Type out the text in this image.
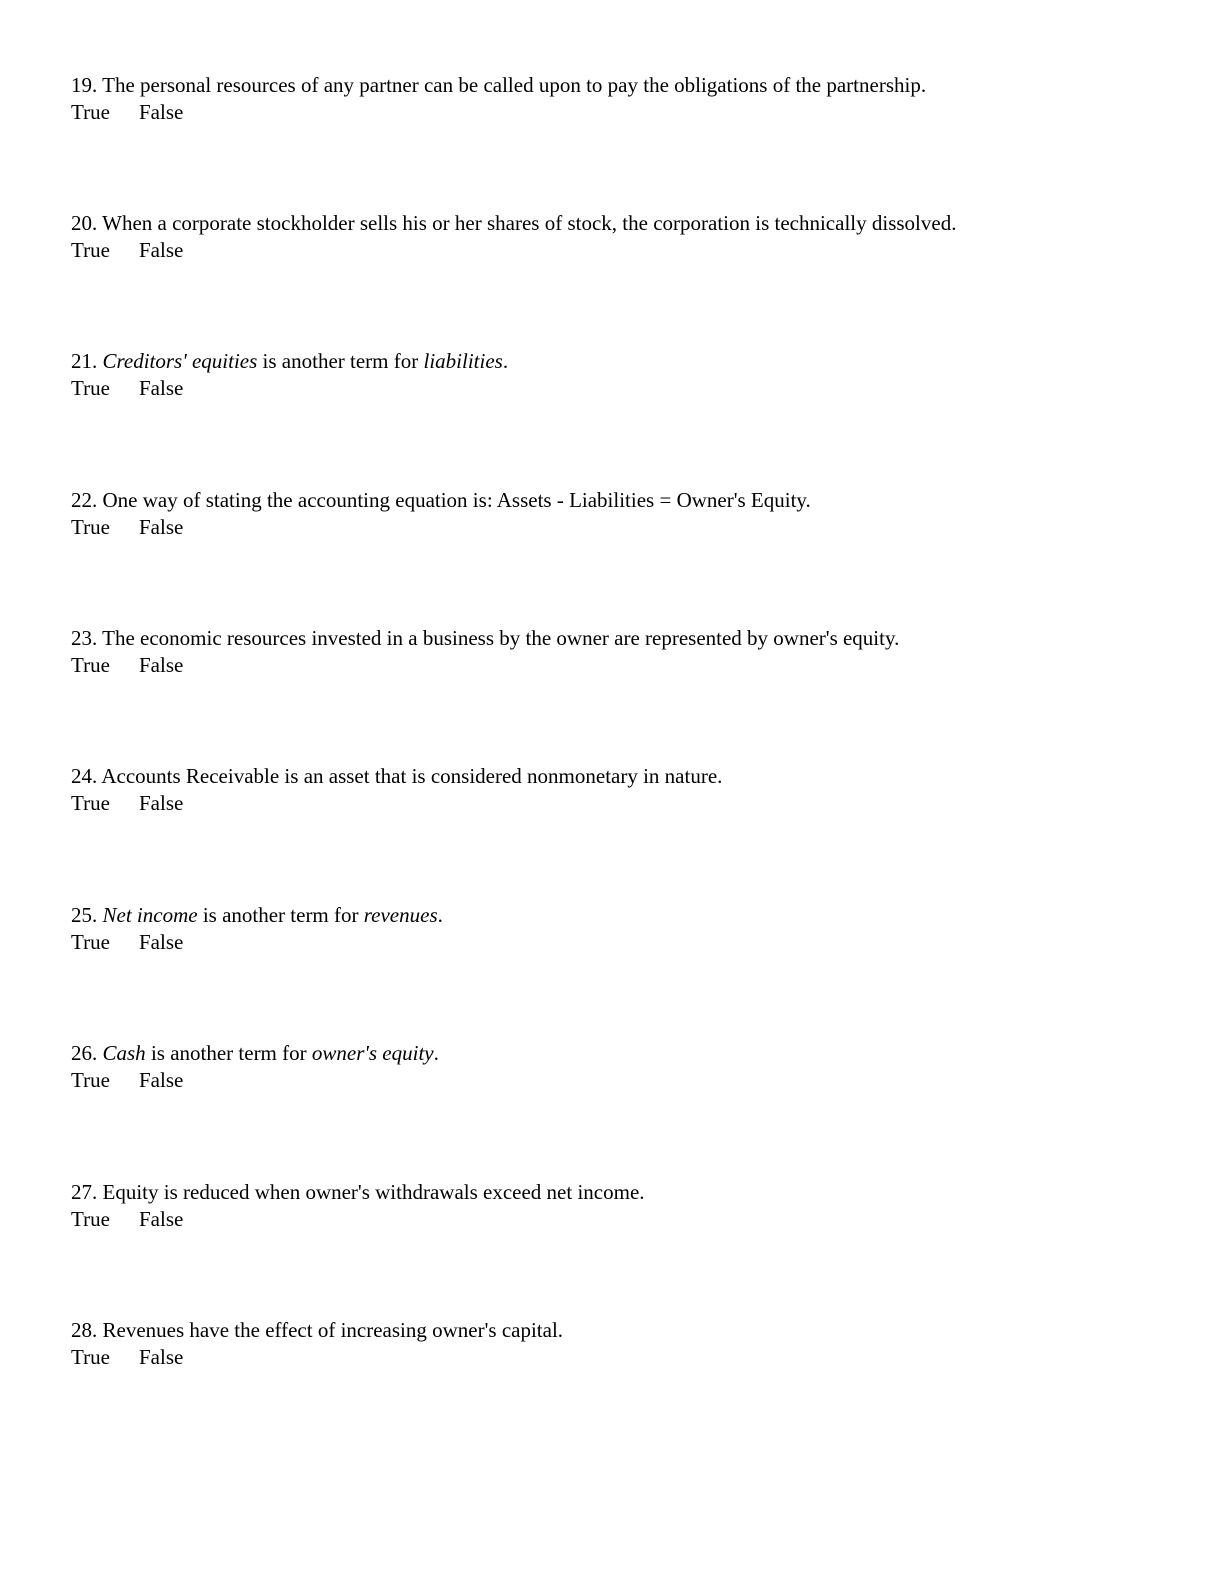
19. The personal resources of any partner can be called upon to pay the obligations of the partnership.
True False
20. When a corporate stockholder sells his or her shares of stock, the corporation is technically dissolved.
True False
21. Creditors' equities is another term for liabilities.
True False
22. One way of stating the accounting equation is: Assets - Liabilities = Owner's Equity.
True False
23. The economic resources invested in a business by the owner are represented by owner's equity.
True False
24. Accounts Receivable is an asset that is considered nonmonetary in nature.
True False
25. Net income is another term for revenues.
True False
26. Cash is another term for owner's equity.
True False
27. Equity is reduced when owner's withdrawals exceed net income.
True False
28. Revenues have the effect of increasing owner's capital.
True False
